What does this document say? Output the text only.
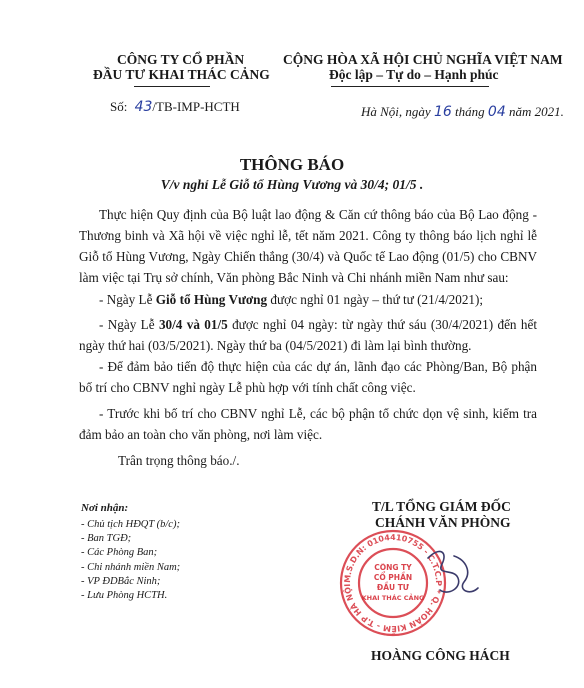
CÔNG TY CỔ PHẦN
ĐẦU TƯ KHAI THÁC CẢNG
Số: 43/TB-IMP-HCTH
CỘNG HÒA XÃ HỘI CHỦ NGHĨA VIỆT NAM
Độc lập – Tự do – Hạnh phúc
Hà Nội, ngày 16 tháng 04 năm 2021.
THÔNG BÁO
V/v nghỉ Lễ Giỗ tổ Hùng Vương và 30/4; 01/5 .
Thực hiện Quy định của Bộ luật lao động & Căn cứ thông báo của Bộ Lao động - Thương binh và Xã hội về việc nghỉ lễ, tết năm 2021. Công ty thông báo lịch nghỉ lễ Giỗ tổ Hùng Vương, Ngày Chiến thắng (30/4) và Quốc tế Lao động (01/5) cho CBNV làm việc tại Trụ sở chính, Văn phòng Bắc Ninh và Chi nhánh miền Nam như sau:
- Ngày Lễ Giỗ tổ Hùng Vương được nghỉ 01 ngày – thứ tư (21/4/2021);
- Ngày Lễ 30/4 và 01/5 được nghỉ 04 ngày: từ ngày thứ sáu (30/4/2021) đến hết ngày thứ hai (03/5/2021). Ngày thứ ba (04/5/2021) đi làm lại bình thường.
- Để đảm bảo tiến độ thực hiện của các dự án, lãnh đạo các Phòng/Ban, Bộ phận bố trí cho CBNV nghỉ ngày Lễ phù hợp với tính chất công việc.
- Trước khi bố trí cho CBNV nghỉ Lễ, các bộ phận tổ chức dọn vệ sinh, kiểm tra đảm bảo an toàn cho văn phòng, nơi làm việc.
Trân trọng thông báo./.
Nơi nhận:
- Chủ tịch HĐQT (b/c);
- Ban TGĐ;
- Các Phòng Ban;
- Chi nhánh miền Nam;
- VP ĐDBắc Ninh;
- Lưu Phòng HCTH.
T/L TỔNG GIÁM ĐỐC
CHÁNH VĂN PHÒNG
M.S.D.N: 0104410755 - C.T.C.P * Q. HOÀN KIẾM - T.P HÀ NỘI
CÔNG TY
CỔ PHẦN
ĐẦU TƯ
KHAI THÁC CẢNG
HOÀNG CÔNG HÁCH
